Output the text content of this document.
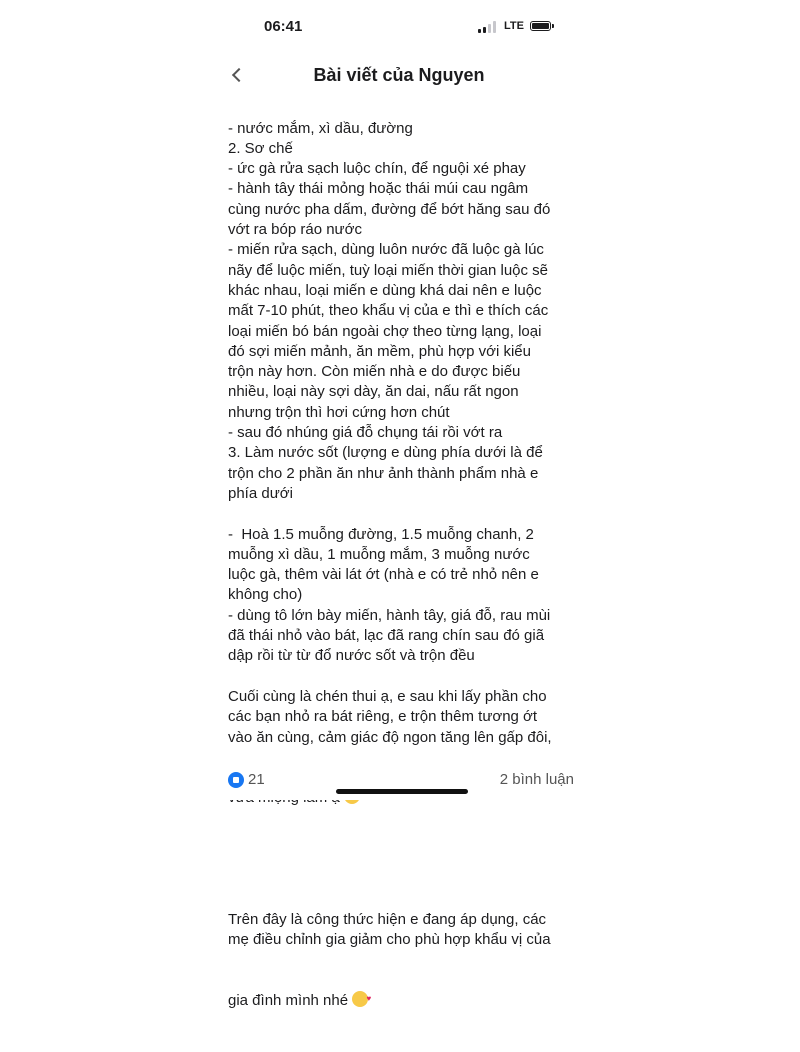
06:41	LTE
Bài viết của Nguyen

- nước mắm, xì dầu, đường
2. Sơ chế
- ức gà rửa sạch luộc chín, để nguội xé phay
- hành tây thái mỏng hoặc thái múi cau ngâm
cùng nước pha dấm, đường để bớt hăng sau đó
vớt ra bóp ráo nước
- miến rửa sạch, dùng luôn nước đã luộc gà lúc
nãy để luộc miến, tuỳ loại miến thời gian luộc sẽ
khác nhau, loại miến e dùng khá dai nên e luộc
mất 7-10 phút, theo khẩu vị của e thì e thích các
loại miến bó bán ngoài chợ theo từng lạng, loại
đó sợi miến mảnh, ăn mềm, phù hợp với kiểu
trộn này hơn. Còn miến nhà e do được biếu
nhiều, loại này sợi dày, ăn dai, nấu rất ngon
nhưng trộn thì hơi cứng hơn chút
- sau đó nhúng giá đỗ chụng tái rồi vớt ra
3. Làm nước sốt (lượng e dùng phía dưới là để
trộn cho 2 phần ăn như ảnh thành phẩm nhà e
phía dưới
-  Hoà 1.5 muỗng đường, 1.5 muỗng chanh, 2
muỗng xì dầu, 1 muỗng mắm, 3 muỗng nước
luộc gà, thêm vài lát ớt (nhà e có trẻ nhỏ nên e
không cho)
- dùng tô lớn bày miến, hành tây, giá đỗ, rau mùi
đã thái nhỏ vào bát, lạc đã rang chín sau đó giã
dập rồi từ từ đổ nước sốt và trộn đều
Cuối cùng là chén thui ạ, e sau khi lấy phần cho
các bạn nhỏ ra bát riêng, e trộn thêm tương ớt
vào ăn cùng, cảm giác độ ngon tăng lên gấp đôi,

♥  ♥

Trên đây là công thức hiện e đang áp dụng, các
mẹ điều chỉnh gia giảm cho phù hợp khẩu vị của

gia đình mình nhé  ♥

21	2 bình luận
